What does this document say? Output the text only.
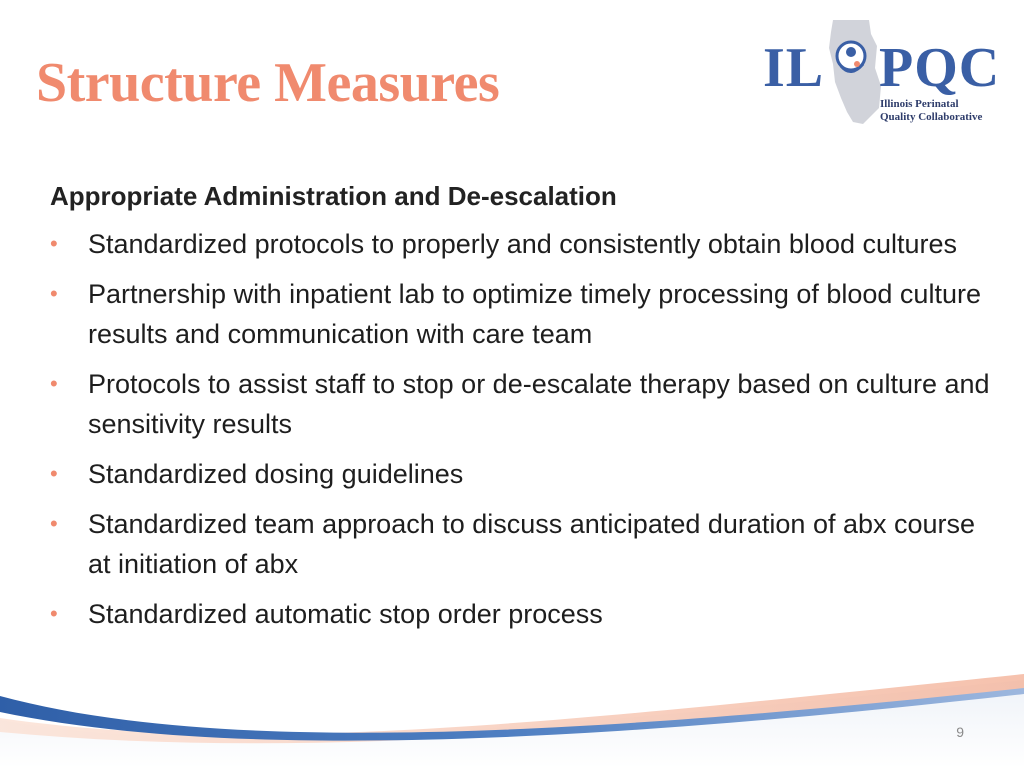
Structure Measures	IL PQC
Illinois Perinatal
Quality Collaborative

Appropriate Administration and De-escalation

• Standardized protocols to properly and consistently obtain blood cultures
• Partnership with inpatient lab to optimize timely processing of blood culture results and communication with care team
• Protocols to assist staff to stop or de-escalate therapy based on culture and sensitivity results
• Standardized dosing guidelines
• Standardized team approach to discuss anticipated duration of abx course at initiation of abx
• Standardized automatic stop order process
9
